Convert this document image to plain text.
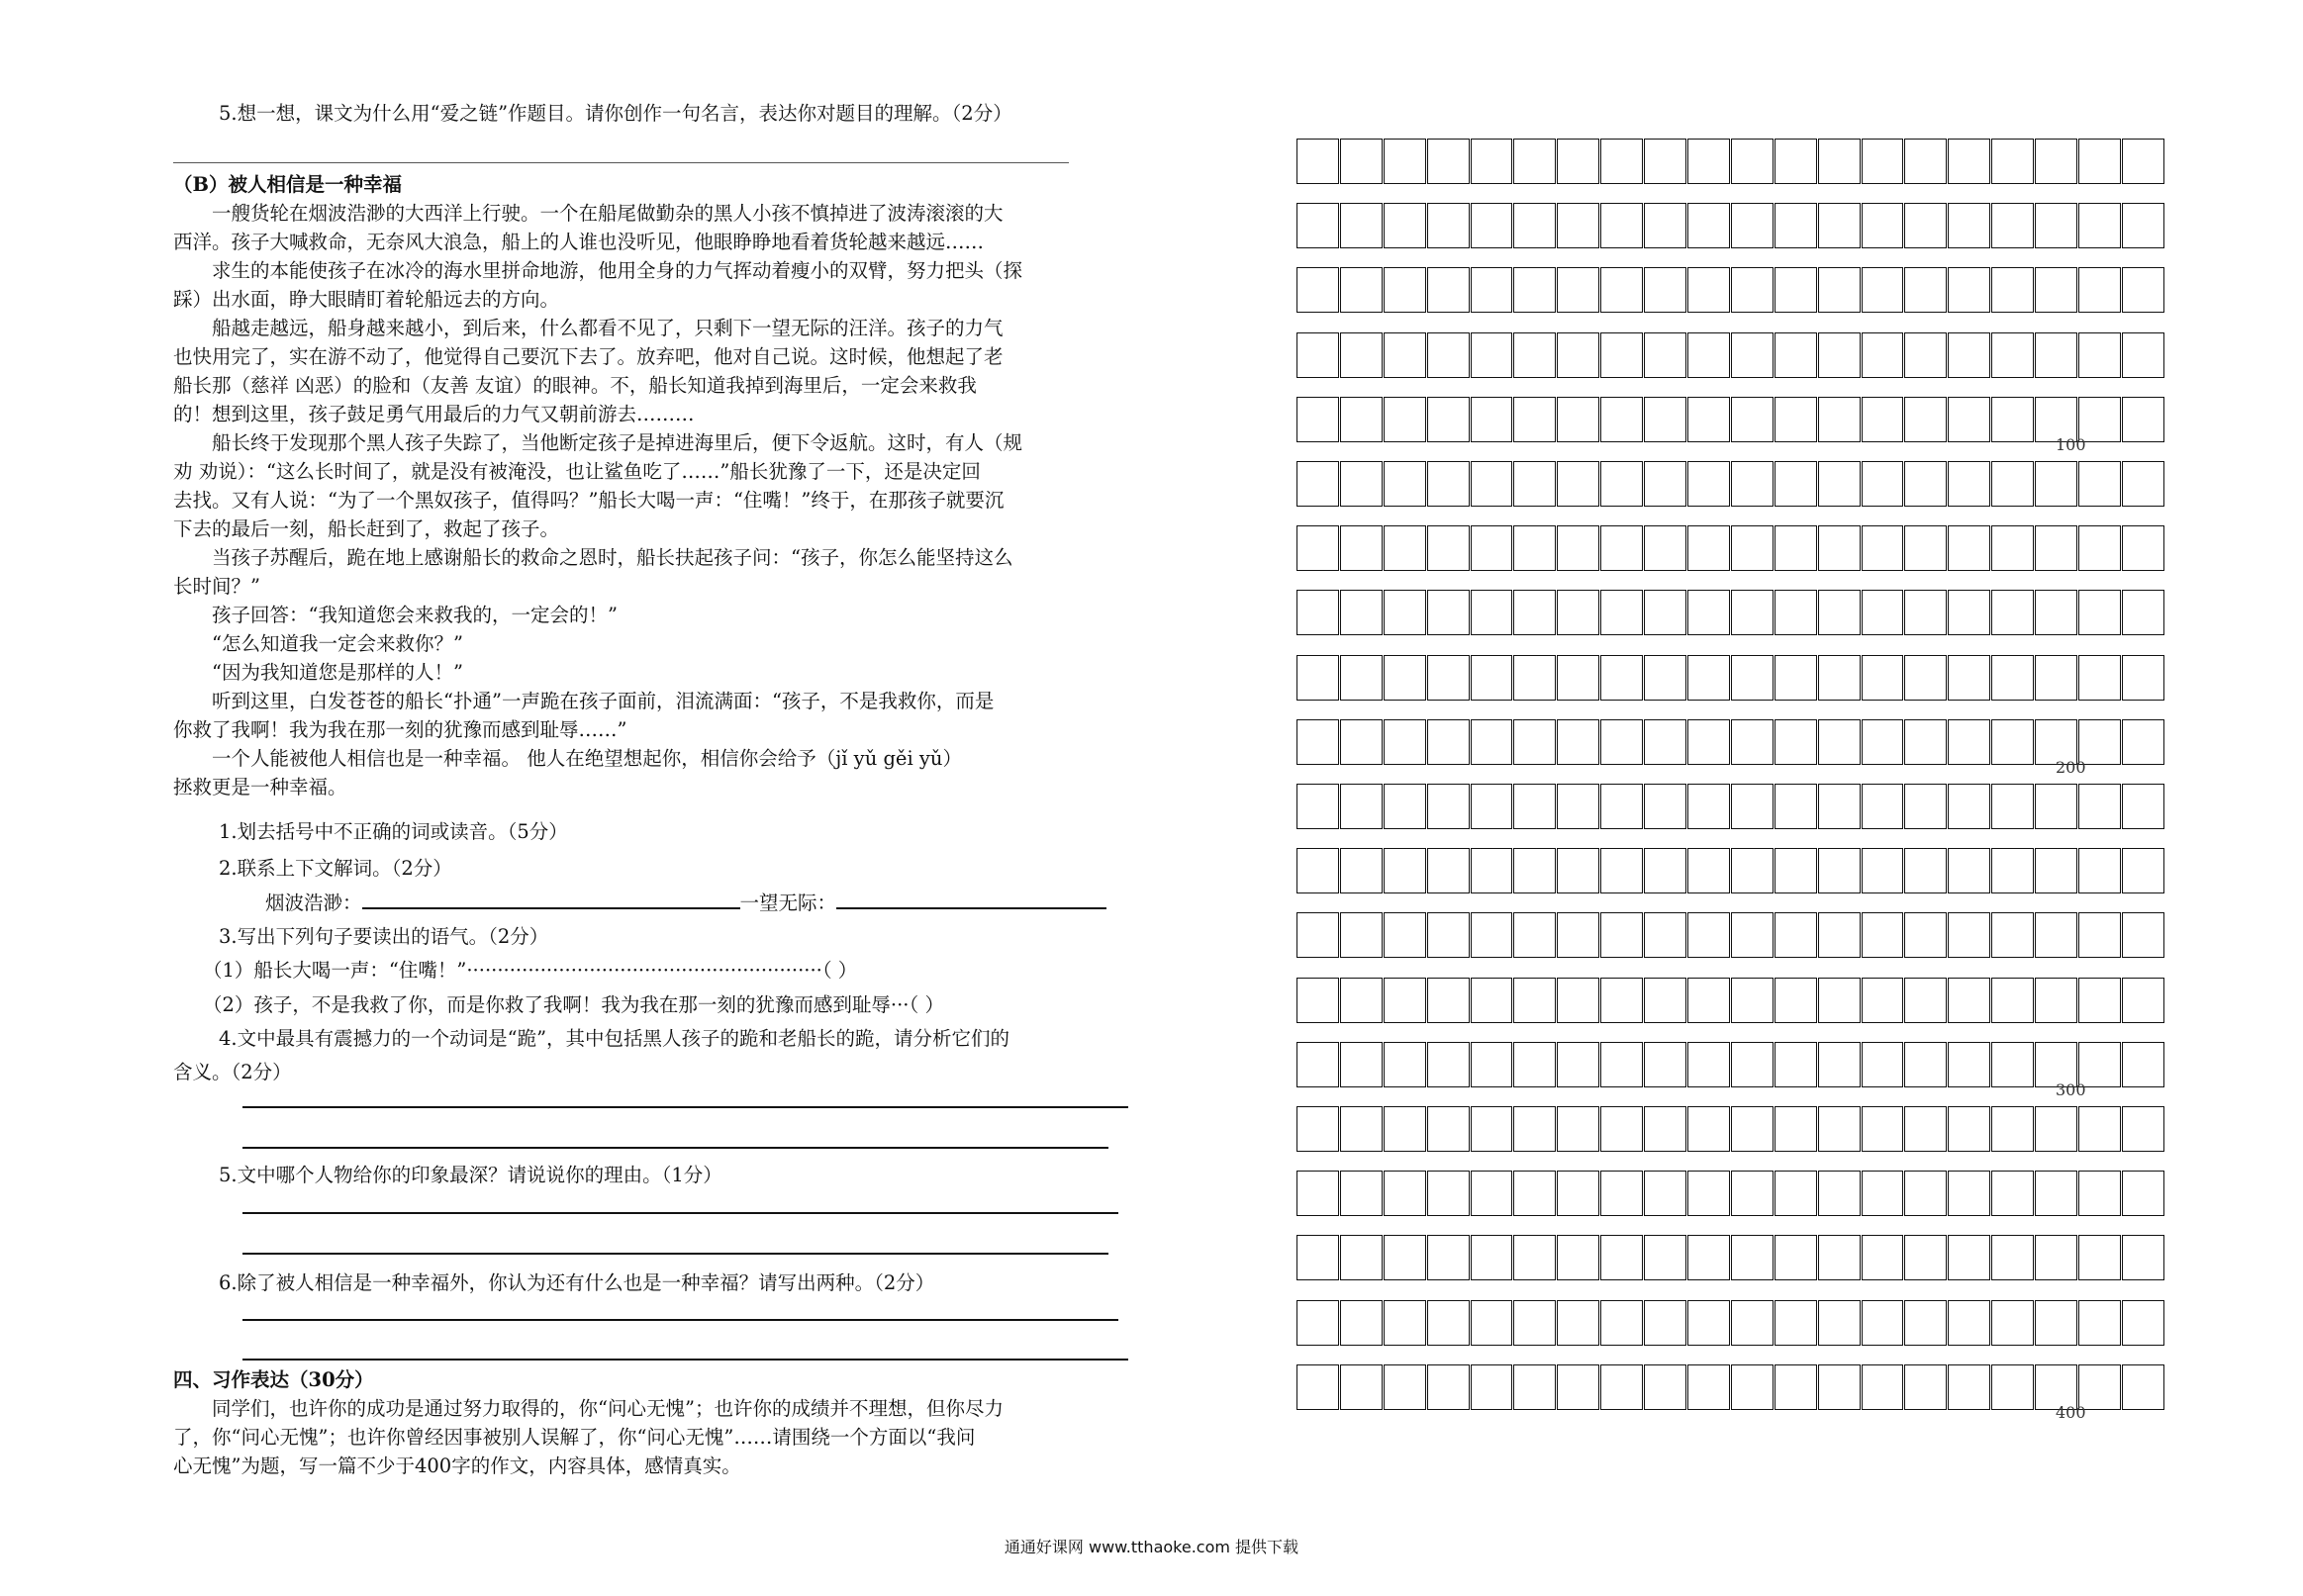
5.想一想，课文为什么用“爱之链”作题目。请你创作一句名言，表达你对题目的理解。（2分）
（B）被人相信是一种幸福
一艘货轮在烟波浩渺的大西洋上行驶。一个在船尾做勤杂的黑人小孩不慎掉进了波涛滚滚的大
西洋。孩子大喊救命，无奈风大浪急，船上的人谁也没听见，他眼睁睁地看着货轮越来越远……
求生的本能使孩子在冰冷的海水里拼命地游，他用全身的力气挥动着瘦小的双臂，努力把头（探
踩）出水面，睁大眼睛盯着轮船远去的方向。
船越走越远，船身越来越小，到后来，什么都看不见了，只剩下一望无际的汪洋。孩子的力气
也快用完了，实在游不动了，他觉得自己要沉下去了。放弃吧，他对自己说。这时候，他想起了老
船长那（慈祥 凶恶）的脸和（友善 友谊）的眼神。不，船长知道我掉到海里后，一定会来救我
的！想到这里，孩子鼓足勇气用最后的力气又朝前游去………
船长终于发现那个黑人孩子失踪了，当他断定孩子是掉进海里后，便下令返航。这时，有人（规
劝 劝说）：“这么长时间了，就是没有被淹没，也让鲨鱼吃了……”船长犹豫了一下，还是决定回
去找。又有人说：“为了一个黑奴孩子，值得吗？”船长大喝一声：“住嘴！”终于，在那孩子就要沉
下去的最后一刻，船长赶到了，救起了孩子。
当孩子苏醒后，跪在地上感谢船长的救命之恩时，船长扶起孩子问：“孩子，你怎么能坚持这么
长时间？”
孩子回答：“我知道您会来救我的，一定会的！”
“怎么知道我一定会来救你？”
“因为我知道您是那样的人！”
听到这里，白发苍苍的船长“扑通”一声跪在孩子面前，泪流满面：“孩子，不是我救你，而是
你救了我啊！我为我在那一刻的犹豫而感到耻辱……”
一个人能被他人相信也是一种幸福。 他人在绝望想起你，相信你会给予（jǐ yǔ gěi yǔ）
拯救更是一种幸福。
1.划去括号中不正确的词或读音。（5分）
2.联系上下文解词。（2分）
烟波浩渺：	一望无际：
3.写出下列句子要读出的语气。（2分）
（1）船长大喝一声：“住嘴！”··························································（ ）
（2）孩子，不是我救了你，而是你救了我啊！我为我在那一刻的犹豫而感到耻辱···（ ）
4.文中最具有震撼力的一个动词是“跪”，其中包括黑人孩子的跪和老船长的跪，请分析它们的
含义。（2分）
5.文中哪个人物给你的印象最深？请说说你的理由。（1分）
6.除了被人相信是一种幸福外，你认为还有什么也是一种幸福？请写出两种。（2分）
四、习作表达（30分）
同学们，也许你的成功是通过努力取得的，你“问心无愧”；也许你的成绩并不理想，但你尽力
了，你“问心无愧”；也许你曾经因事被别人误解了，你“问心无愧”……请围绕一个方面以“我问
心无愧”为题，写一篇不少于400字的作文，内容具体，感情真实。
100
200
300
400
通通好课网 www.tthaoke.com 提供下载
